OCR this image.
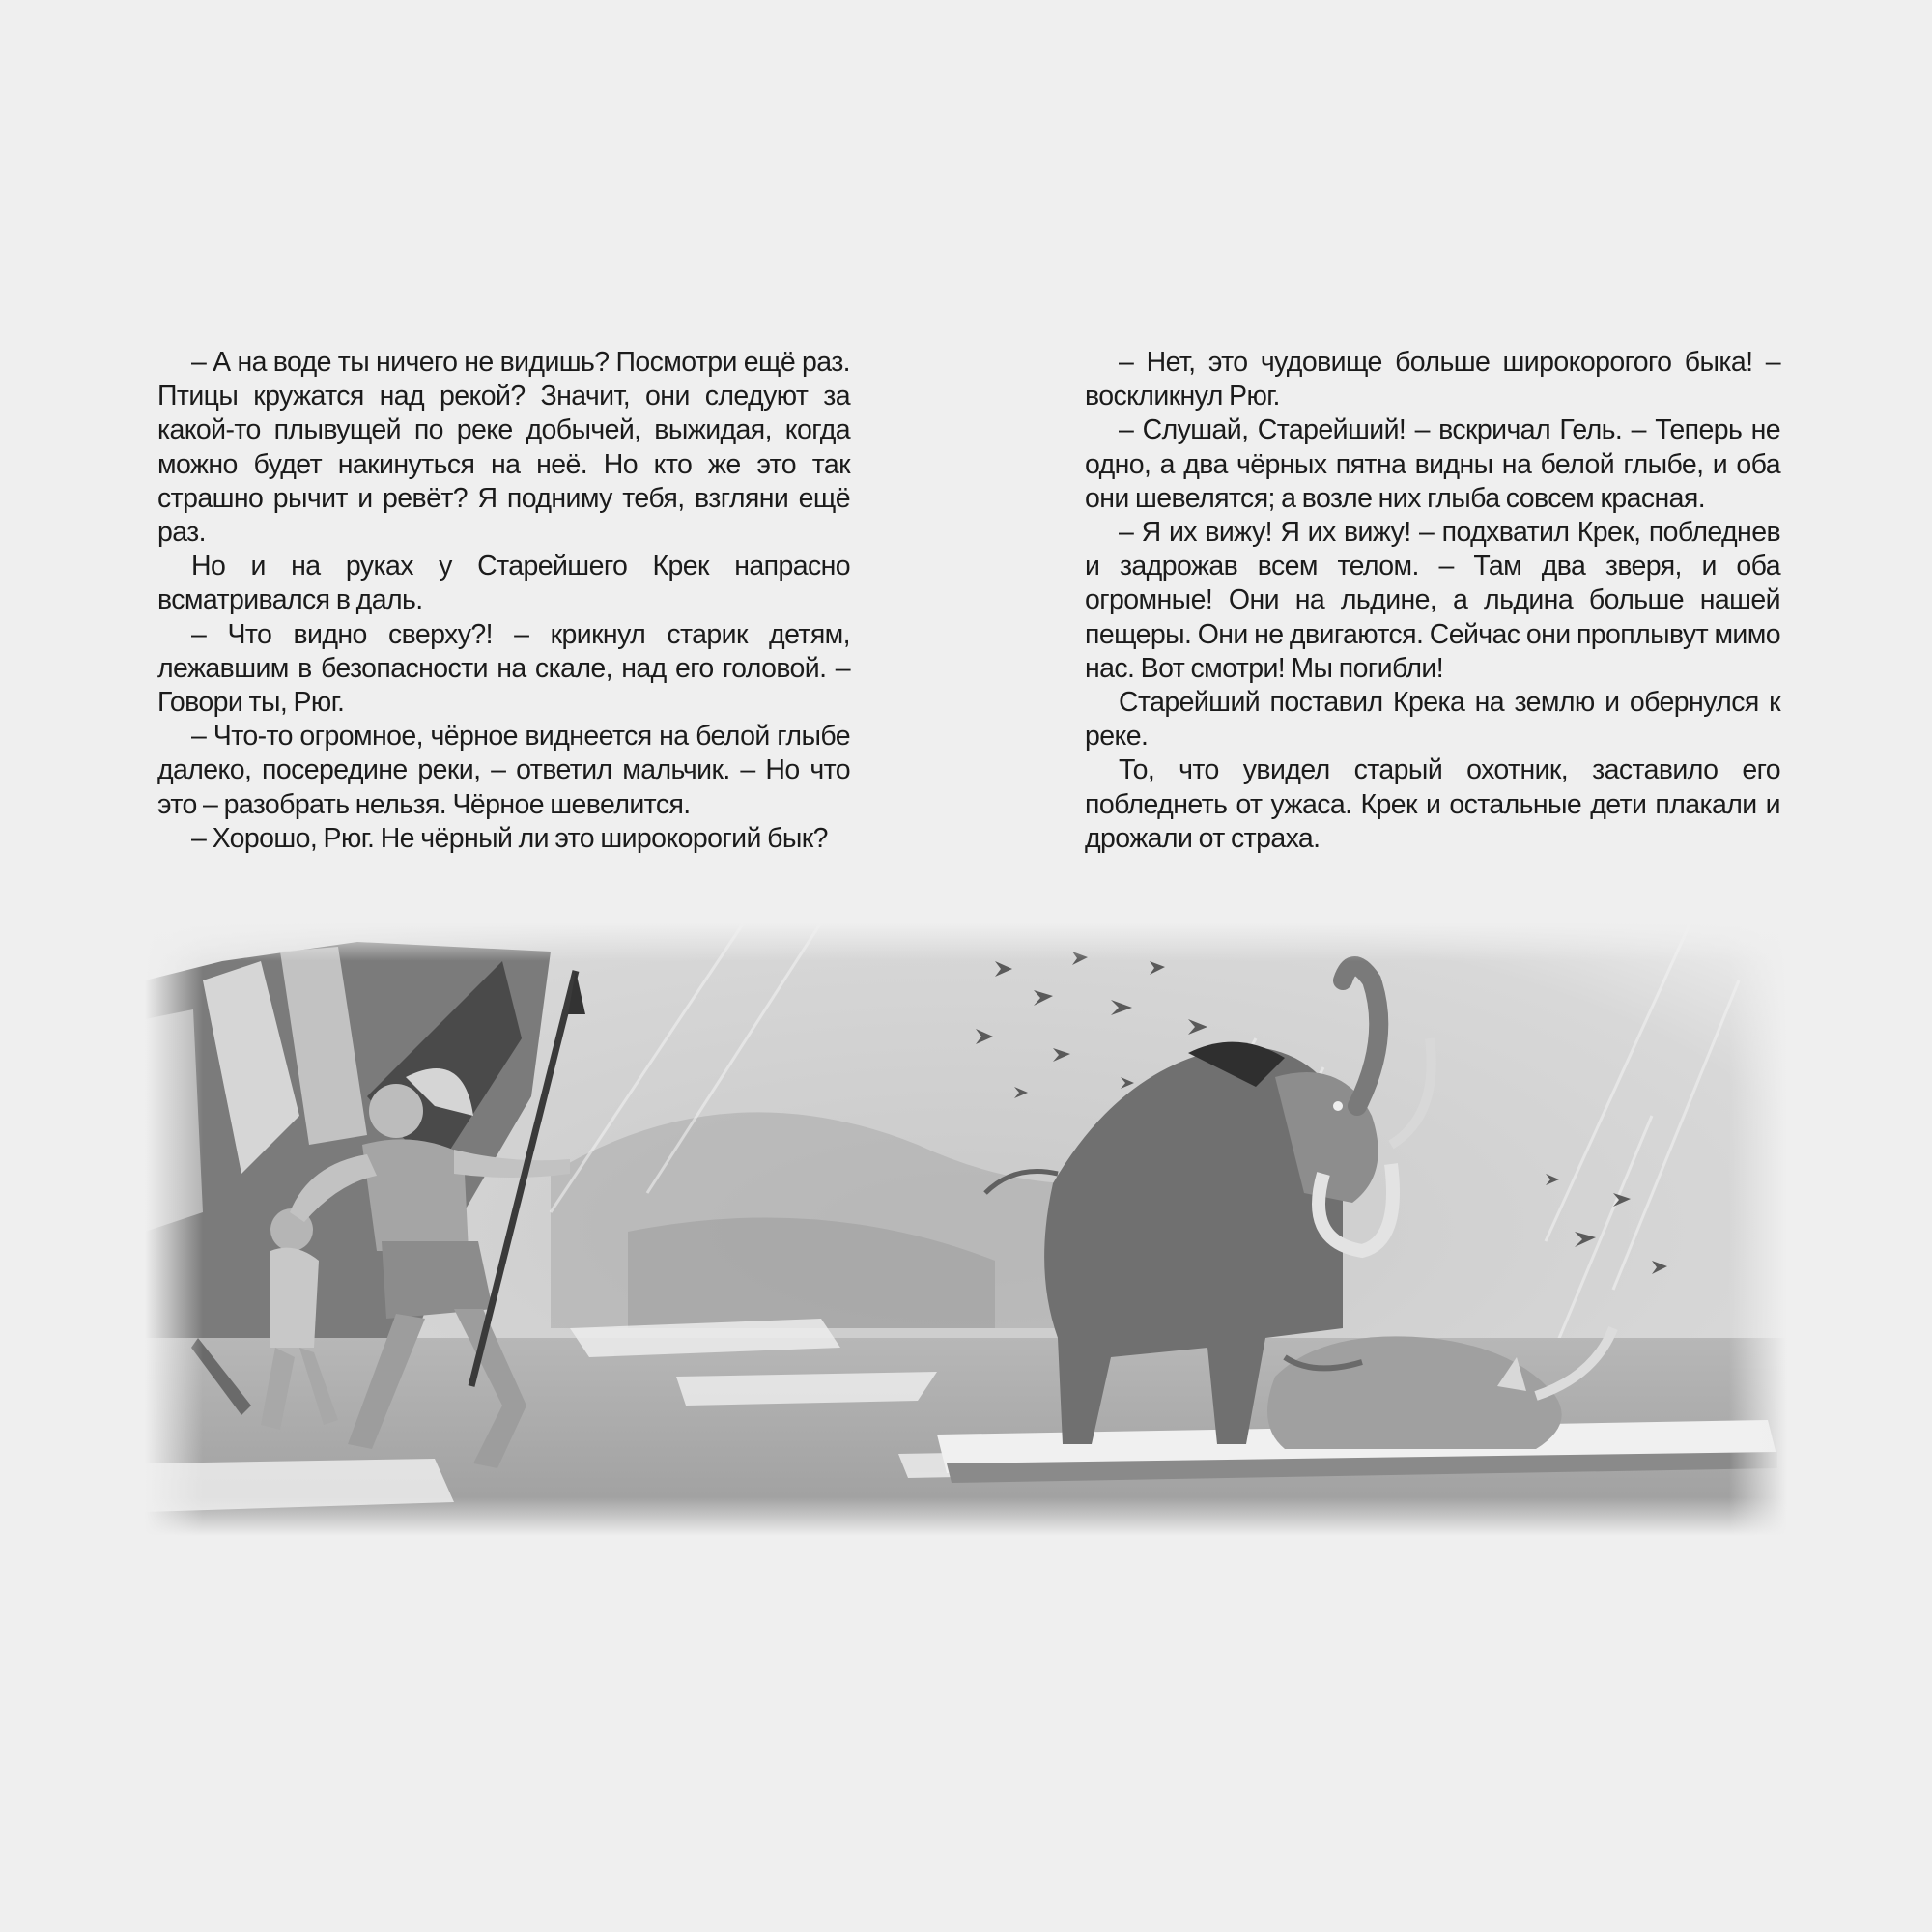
– А на воде ты ничего не видишь? Посмотри ещё раз. Птицы кружатся над рекой? Значит, они следуют за какой-то плывущей по реке добычей, выжидая, когда можно будет накинуться на неё. Но кто же это так страшно рычит и ревёт? Я подниму тебя, взгляни ещё раз.

Но и на руках у Старейшего Крек напрасно всматривался в даль.

– Что видно сверху?! – крикнул старик детям, лежавшим в безопасности на скале, над его головой. – Говори ты, Рюг.

– Что-то огромное, чёрное виднеется на белой глыбе далеко, посередине реки, – ответил мальчик. – Но что это – разобрать нельзя. Чёрное шевелится.

– Хорошо, Рюг. Не чёрный ли это широкорогий бык?

– Нет, это чудовище больше широкорогого быка! – воскликнул Рюг.

– Слушай, Старейший! – вскричал Гель. – Теперь не одно, а два чёрных пятна видны на белой глыбе, и оба они шевелятся; а возле них глыба совсем красная.

– Я их вижу! Я их вижу! – подхватил Крек, побледнев и задрожав всем телом. – Там два зверя, и оба огромные! Они на льдине, а льдина больше нашей пещеры. Они не двигаются. Сейчас они проплывут мимо нас. Вот смотри! Мы погибли!

Старейший поставил Крека на землю и обернулся к реке.

То, что увидел старый охотник, заставило его побледнеть от ужаса. Крек и остальные дети плакали и дрожали от страха.
